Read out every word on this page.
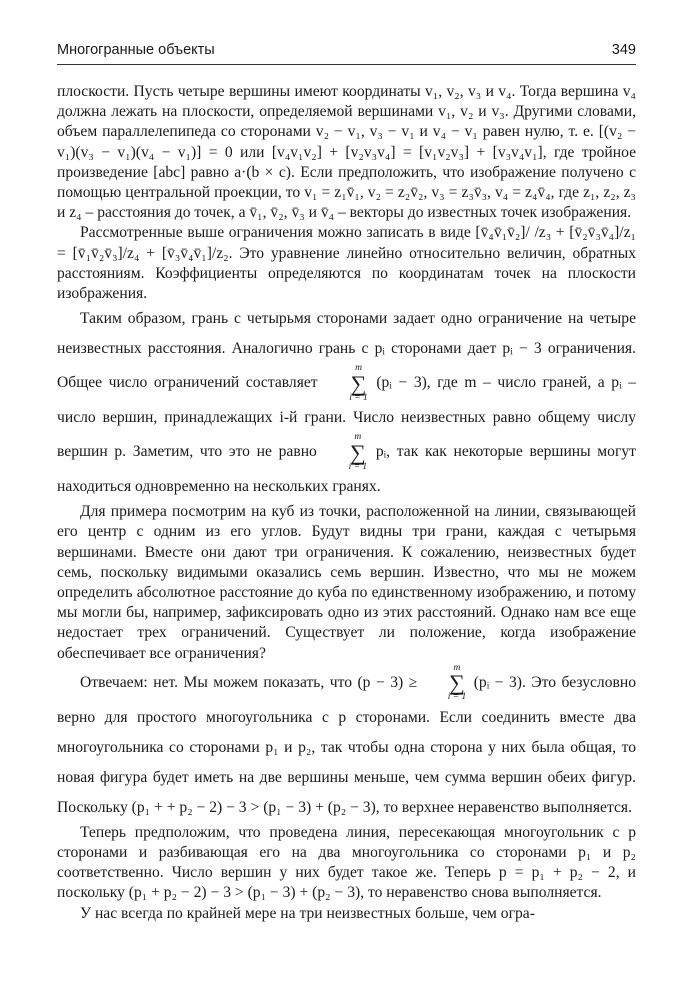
Многогранные объекты	349

плоскости. Пусть четыре вершины имеют координаты v₁, v₂, v₃ и v₄. Тогда вершина v₄ должна лежать на плоскости, определяемой вершинами v₁, v₂ и v₃. Другими словами, объем параллелепипеда со сторонами v₂ − v₁, v₃ − v₁ и v₄ − v₁ равен нулю, т. е. [(v₂ − v₁)(v₃ − v₁)(v₄ − v₁)] = 0 или [v₄v₁v₂] + [v₂v₃v₄] = [v₁v₂v₃] + [v₃v₄v₁], где тройное произведение [abc] равно a·(b × c). Если предположить, что изображение получено с помощью центральной проекции, то v₁ = z₁v̄₁, v₂ = z₂v̄₂, v₃ = z₃v̄₃, v₄ = z₄v̄₄, где z₁, z₂, z₃ и z₄ – расстояния до точек, а v̄₁, v̄₂, v̄₃ и v̄₄ – векторы до известных точек изображения.

Рассмотренные выше ограничения можно записать в виде [v̄₄v̄₁v̄₂]/ /z₃ + [v̄₂v̄₃v̄₄]/z₁ = [v̄₁v̄₂v̄₃]/z₄ + [v̄₃v̄₄v̄₁]/z₂. Это уравнение линейно относительно величин, обратных расстояниям. Коэффициенты определяются по координатам точек на плоскости изображения.

Таким образом, грань с четырьмя сторонами задает одно ограничение на четыре неизвестных расстояния. Аналогично грань с pᵢ сторонами дает pᵢ − 3 ограничения. Общее число ограничений составляет
m
∑
i = 1
(pᵢ − 3), где m – число граней, а pᵢ – число вершин, принадлежащих i-й грани. Число неизвестных равно общему числу вершин p. Заметим, что это не равно
m
∑
i = 1
pᵢ, так как некоторые вершины могут находиться одновременно на нескольких гранях.

Для примера посмотрим на куб из точки, расположенной на линии, связывающей его центр с одним из его углов. Будут видны три грани, каждая с четырьмя вершинами. Вместе они дают три ограничения. К сожалению, неизвестных будет семь, поскольку видимыми оказались семь вершин. Известно, что мы не можем определить абсолютное расстояние до куба по единственному изображению, и потому мы могли бы, например, зафиксировать одно из этих расстояний. Однако нам все еще недостает трех ограничений. Существует ли положение, когда изображение обеспечивает все ограничения?

Отвечаем: нет. Мы можем показать, что (p − 3) ≥
m
∑
i = 1
(pᵢ − 3). Это безусловно верно для простого многоугольника с p сторонами. Если соединить вместе два многоугольника со сторонами p₁ и p₂, так чтобы одна сторона у них была общая, то новая фигура будет иметь на две вершины меньше, чем сумма вершин обеих фигур. Поскольку (p₁ + + p₂ − 2) − 3 > (p₁ − 3) + (p₂ − 3), то верхнее неравенство выполняется.

Теперь предположим, что проведена линия, пересекающая многоугольник с p сторонами и разбивающая его на два многоугольника со сторонами p₁ и p₂ соответственно. Число вершин у них будет такое же. Теперь p = p₁ + p₂ − 2, и поскольку (p₁ + p₂ − 2) − 3 > (p₁ − 3) + (p₂ − 3), то неравенство снова выполняется.

У нас всегда по крайней мере на три неизвестных больше, чем огра-
